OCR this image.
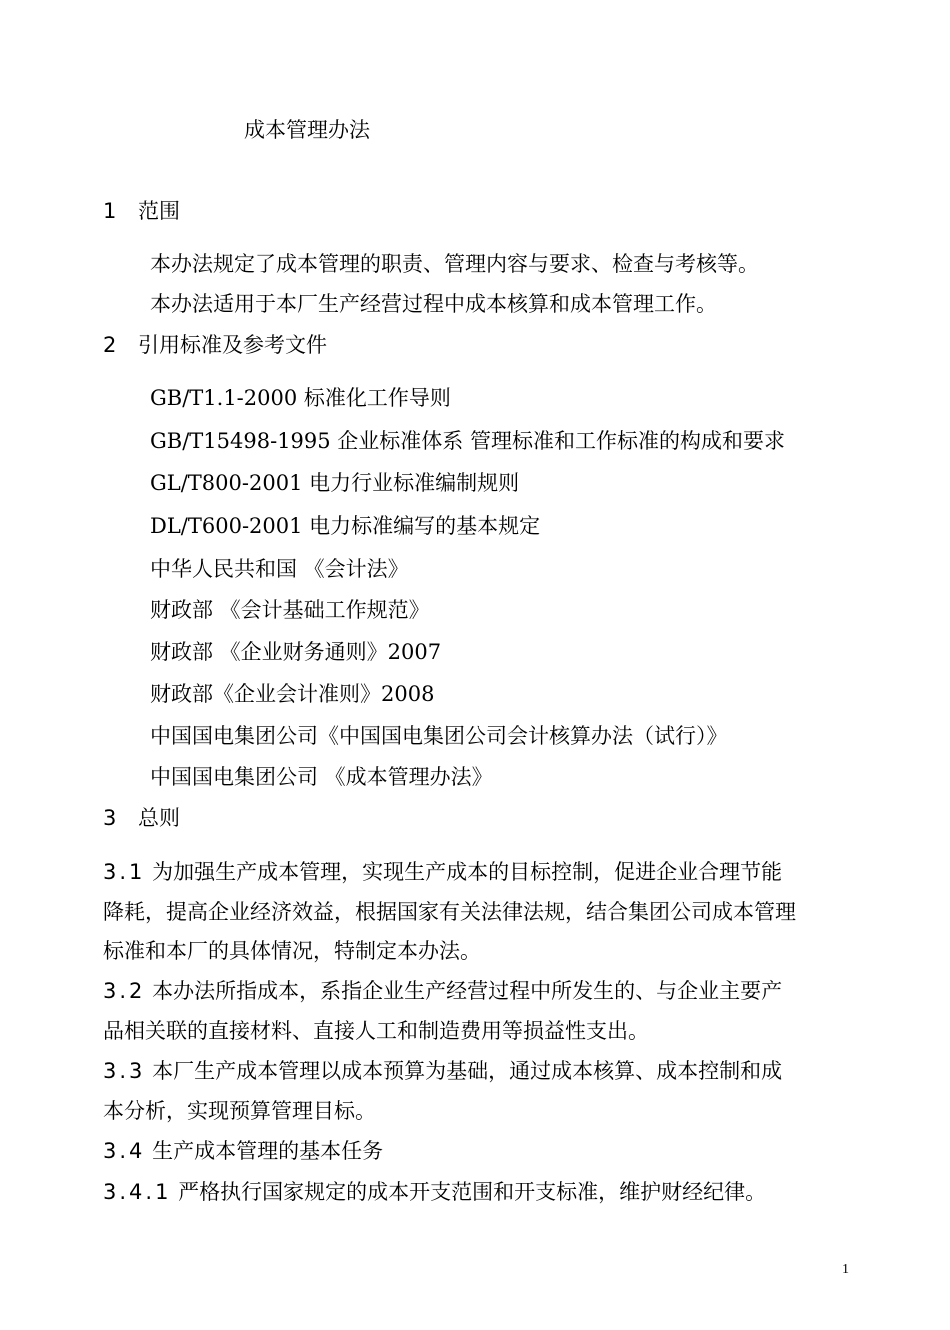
成本管理办法
1 范围
本办法规定了成本管理的职责、管理内容与要求、检查与考核等。
本办法适用于本厂生产经营过程中成本核算和成本管理工作。
2 引用标准及参考文件
GB/T1.1-2000 标准化工作导则
GB/T15498-1995 企业标准体系 管理标准和工作标准的构成和要求
GL/T800-2001 电力行业标准编制规则
DL/T600-2001 电力标准编写的基本规定
中华人民共和国 《会计法》
财政部 《会计基础工作规范》
财政部 《企业财务通则》2007
财政部《企业会计准则》2008
中国国电集团公司《中国国电集团公司会计核算办法（试行）》
中国国电集团公司 《成本管理办法》
3 总则
3.1 为加强生产成本管理，实现生产成本的目标控制，促进企业合理节能
降耗，提高企业经济效益，根据国家有关法律法规，结合集团公司成本管理
标准和本厂的具体情况，特制定本办法。
3.2 本办法所指成本，系指企业生产经营过程中所发生的、与企业主要产
品相关联的直接材料、直接人工和制造费用等损益性支出。
3.3 本厂生产成本管理以成本预算为基础，通过成本核算、成本控制和成
本分析，实现预算管理目标。
3.4 生产成本管理的基本任务
3.4.1 严格执行国家规定的成本开支范围和开支标准，维护财经纪律。
1
